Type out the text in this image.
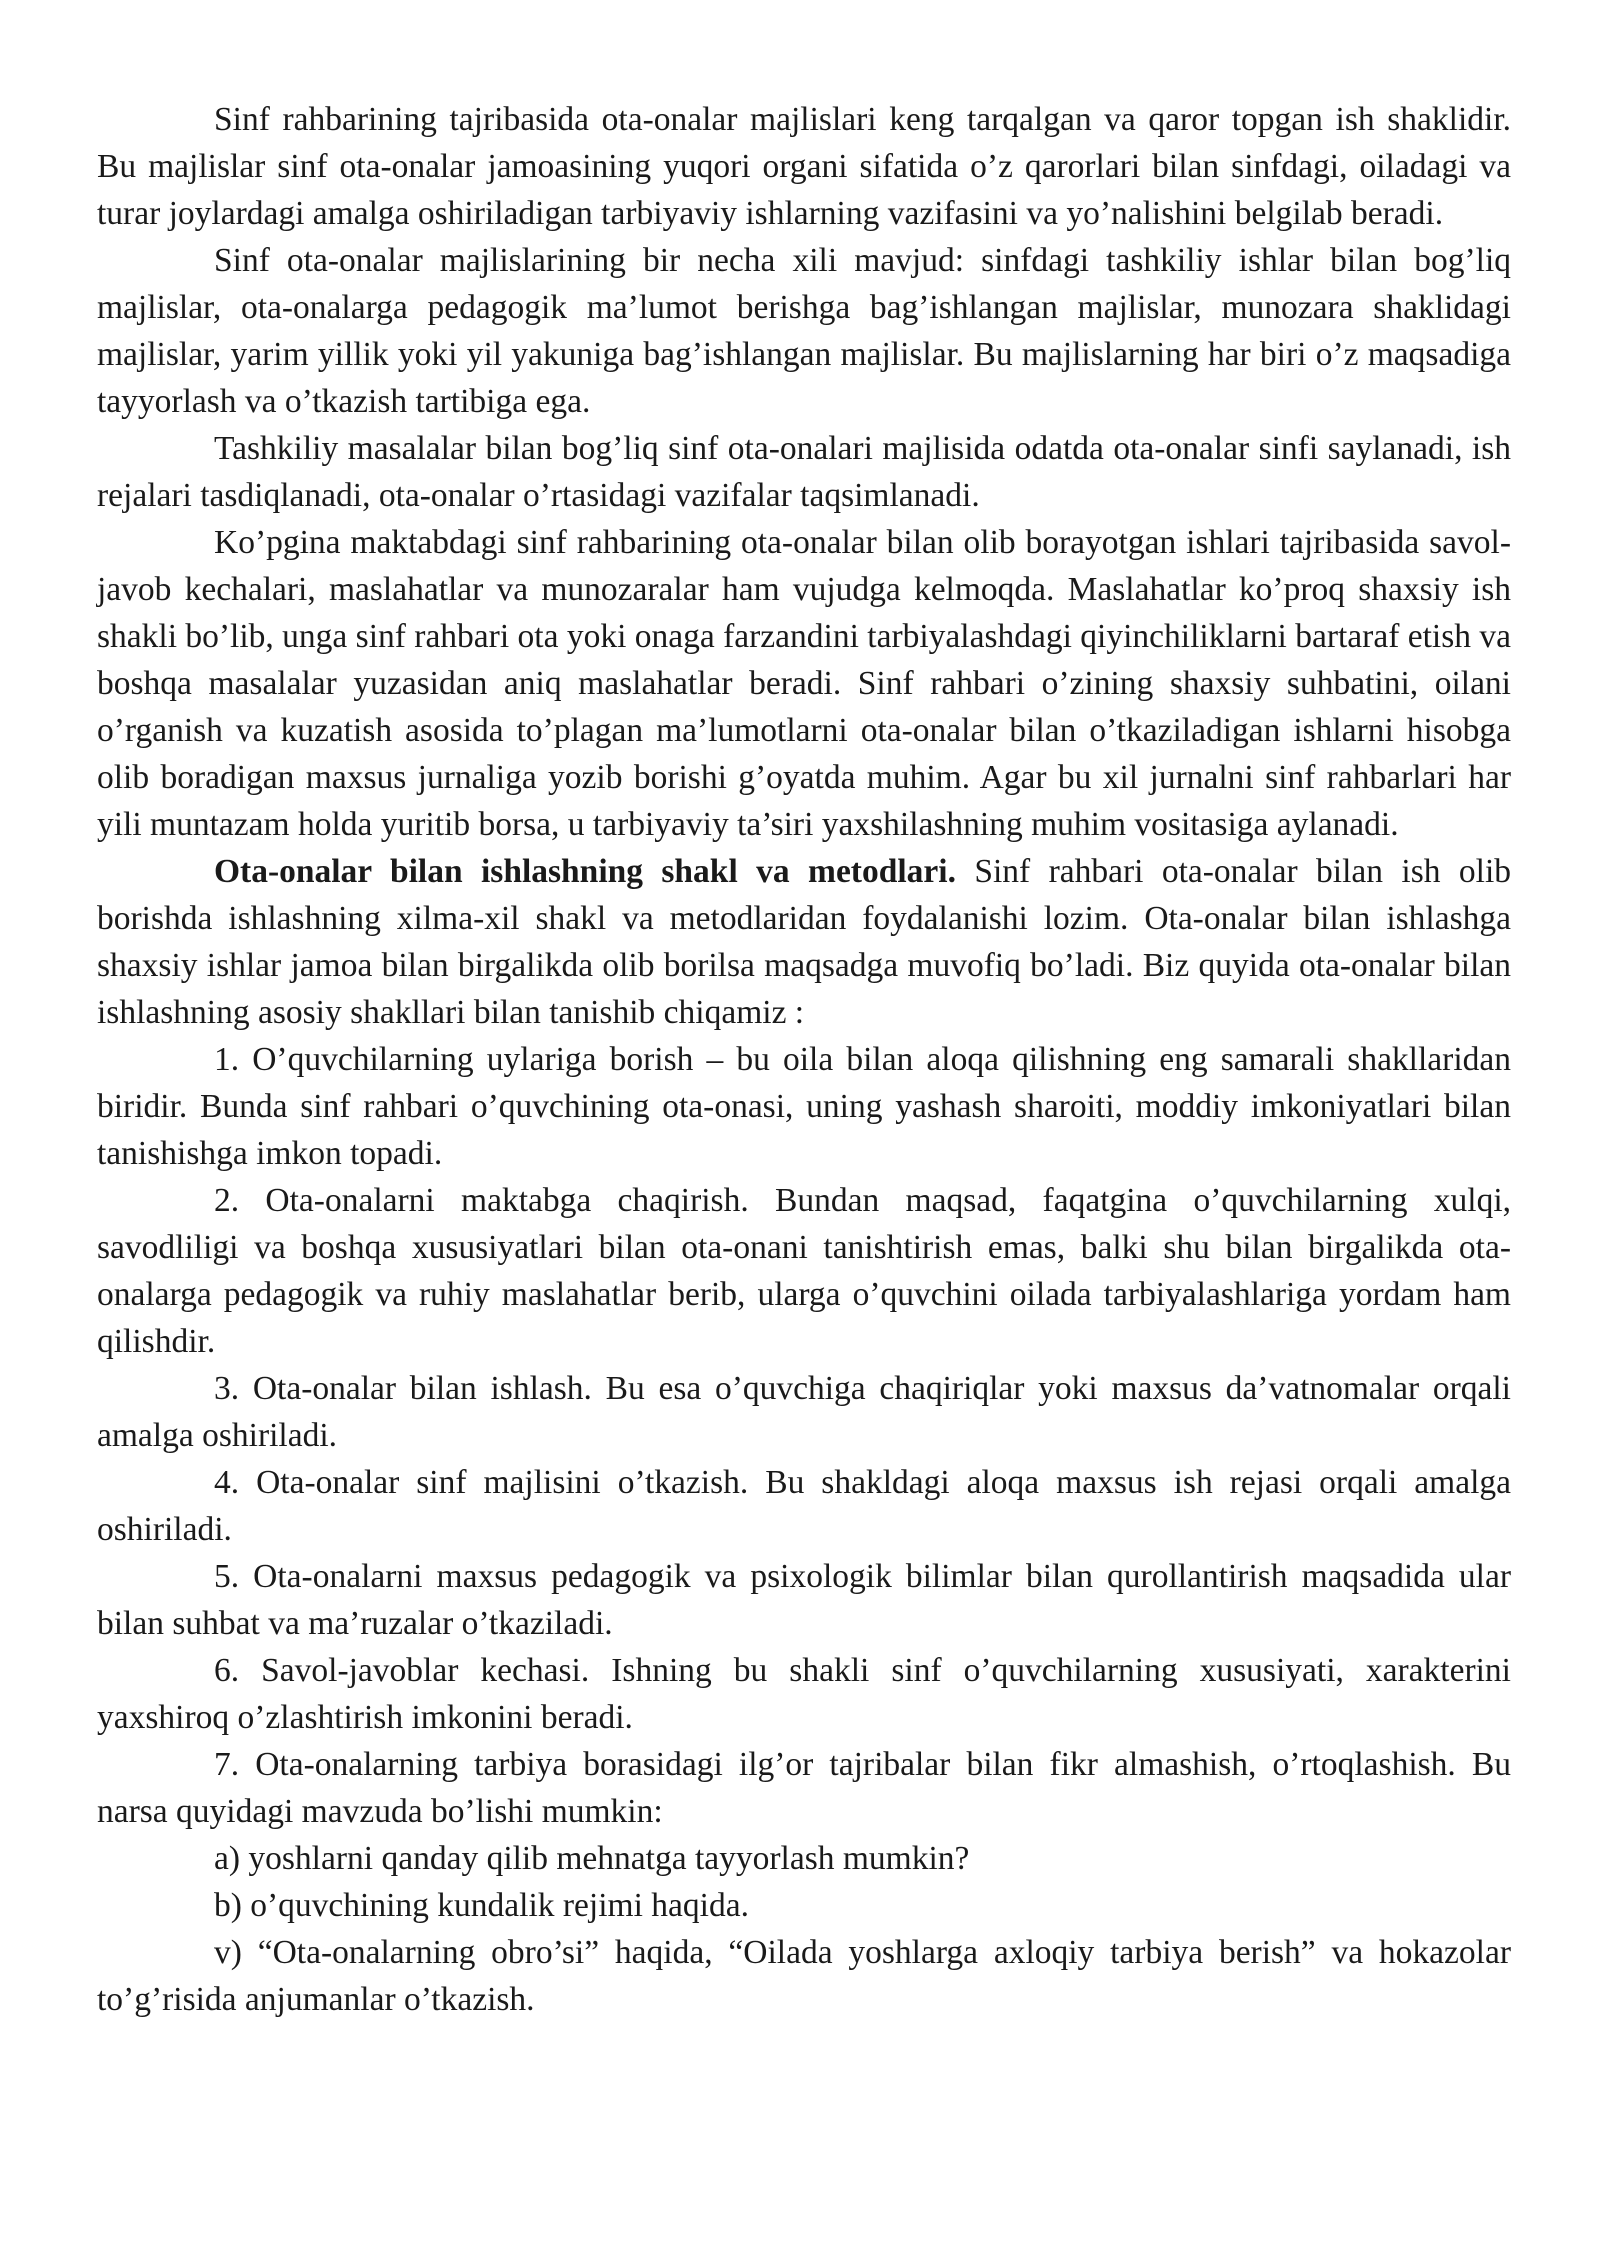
Sinf rahbarining tajribasida ota-onalar majlislari keng tarqalgan va qaror topgan ish shaklidir. Bu majlislar sinf ota-onalar jamoasining yuqori organi sifatida o’z qarorlari bilan sinfdagi, oiladagi va turar joylardagi amalga oshiriladigan tarbiyaviy ishlarning vazifasini va yo’nalishini belgilab beradi.

Sinf ota-onalar majlislarining bir necha xili mavjud: sinfdagi tashkiliy ishlar bilan bog’liq majlislar, ota-onalarga pedagogik ma’lumot berishga bag’ishlangan majlislar, munozara shaklidagi majlislar, yarim yillik yoki yil yakuniga bag’ishlangan majlislar. Bu majlislarning har biri o’z maqsadiga tayyorlash va o’tkazish tartibiga ega.

Tashkiliy masalalar bilan bog’liq sinf ota-onalari majlisida odatda ota-onalar sinfi saylanadi, ish rejalari tasdiqlanadi, ota-onalar o’rtasidagi vazifalar taqsimlanadi.

Ko’pgina maktabdagi sinf rahbarining ota-onalar bilan olib borayotgan ishlari tajribasida savol-javob kechalari, maslahatlar va munozaralar ham vujudga kelmoqda. Maslahatlar ko’proq shaxsiy ish shakli bo’lib, unga sinf rahbari ota yoki onaga farzandini tarbiyalashdagi qiyinchiliklarni bartaraf etish va boshqa masalalar yuzasidan aniq maslahatlar beradi. Sinf rahbari o’zining shaxsiy suhbatini, oilani o’rganish va kuzatish asosida to’plagan ma’lumotlarni ota-onalar bilan o’tkaziladigan ishlarni hisobga olib boradigan maxsus jurnaliga yozib borishi g’oyatda muhim. Agar bu xil jurnalni sinf rahbarlari har yili muntazam holda yuritib borsa, u tarbiyaviy ta’siri yaxshilashning muhim vositasiga aylanadi.

Ota-onalar bilan ishlashning shakl va metodlari. Sinf rahbari ota-onalar bilan ish olib borishda ishlashning xilma-xil shakl va metodlaridan foydalanishi lozim. Ota-onalar bilan ishlashga shaxsiy ishlar jamoa bilan birgalikda olib borilsa maqsadga muvofiq bo’ladi. Biz quyida ota-onalar bilan ishlashning asosiy shakllari bilan tanishib chiqamiz :

1. O’quvchilarning uylariga borish – bu oila bilan aloqa qilishning eng samarali shakllaridan biridir. Bunda sinf rahbari o’quvchining ota-onasi, uning yashash sharoiti, moddiy imkoniyatlari bilan tanishishga imkon topadi.

2. Ota-onalarni maktabga chaqirish. Bundan maqsad, faqatgina o’quvchilarning xulqi, savodliligi va boshqa xususiyatlari bilan ota-onani tanishtirish emas, balki shu bilan birgalikda ota-onalarga pedagogik va ruhiy maslahatlar berib, ularga o’quvchini oilada tarbiyalashlariga yordam ham qilishdir.

3. Ota-onalar bilan ishlash. Bu esa o’quvchiga chaqiriqlar yoki maxsus da’vatnomalar orqali amalga oshiriladi.

4. Ota-onalar sinf majlisini o’tkazish. Bu shakldagi aloqa maxsus ish rejasi orqali amalga oshiriladi.

5. Ota-onalarni maxsus pedagogik va psixologik bilimlar bilan qurollantirish maqsadida ular bilan suhbat va ma’ruzalar o’tkaziladi.

6. Savol-javoblar kechasi. Ishning bu shakli sinf o’quvchilarning xususiyati, xarakterini yaxshiroq o’zlashtirish imkonini beradi.

7. Ota-onalarning tarbiya borasidagi ilg’or tajribalar bilan fikr almashish, o’rtoqlashish. Bu narsa quyidagi mavzuda bo’lishi mumkin:

a) yoshlarni qanday qilib mehnatga tayyorlash mumkin?

b) o’quvchining kundalik rejimi haqida.

v) “Ota-onalarning obro’si” haqida, “Oilada yoshlarga axloqiy tarbiya berish” va hokazolar to’g’risida anjumanlar o’tkazish.
